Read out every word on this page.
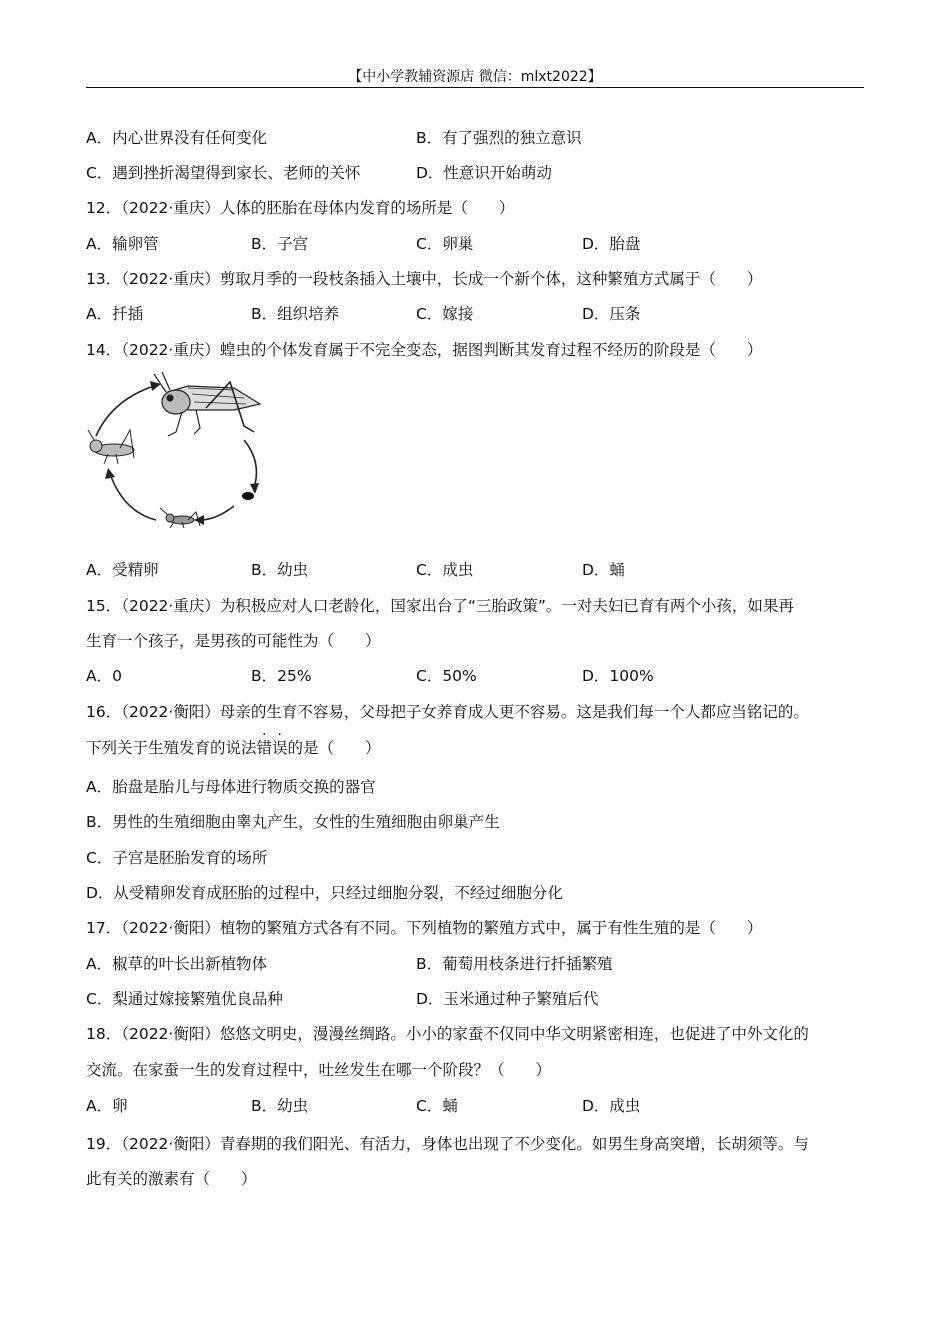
【中小学教辅资源店 微信：mlxt2022】
A．内心世界没有任何变化	B．有了强烈的独立意识
C．遇到挫折渴望得到家长、老师的关怀	D．性意识开始萌动
12．（2022·重庆）人体的胚胎在母体内发育的场所是（　　）
A．输卵管	B．子宫	C．卵巢	D．胎盘
13．（2022·重庆）剪取月季的一段枝条插入土壤中，长成一个新个体，这种繁殖方式属于（　　）
A．扦插	B．组织培养	C．嫁接	D．压条
14．（2022·重庆）蝗虫的个体发育属于不完全变态，据图判断其发育过程不经历的阶段是（　　）
A．受精卵	B．幼虫	C．成虫	D．蛹
15．（2022·重庆）为积极应对人口老龄化，国家出台了“三胎政策”。一对夫妇已育有两个小孩，如果再
生育一个孩子，是男孩的可能性为（　　）
A．0	B．25%	C．50%	D．100%
16．（2022·衡阳）母亲的生育不容易，父母把子女养育成人更不容易。这是我们每一个人都应当铭记的。
下列关于生殖发育的说法错误的是（　　）
A．胎盘是胎儿与母体进行物质交换的器官
B．男性的生殖细胞由睾丸产生，女性的生殖细胞由卵巢产生
C．子宫是胚胎发育的场所
D．从受精卵发育成胚胎的过程中，只经过细胞分裂，不经过细胞分化
17．（2022·衡阳）植物的繁殖方式各有不同。下列植物的繁殖方式中，属于有性生殖的是（　　）
A．椒草的叶长出新植物体	B．葡萄用枝条进行扦插繁殖
C．梨通过嫁接繁殖优良品种	D．玉米通过种子繁殖后代
18．（2022·衡阳）悠悠文明史，漫漫丝绸路。小小的家蚕不仅同中华文明紧密相连，也促进了中外文化的
交流。在家蚕一生的发育过程中，吐丝发生在哪一个阶段？（　　）
A．卵	B．幼虫	C．蛹	D．成虫
19．（2022·衡阳）青春期的我们阳光、有活力，身体也出现了不少变化。如男生身高突增，长胡须等。与
此有关的激素有（　　）
